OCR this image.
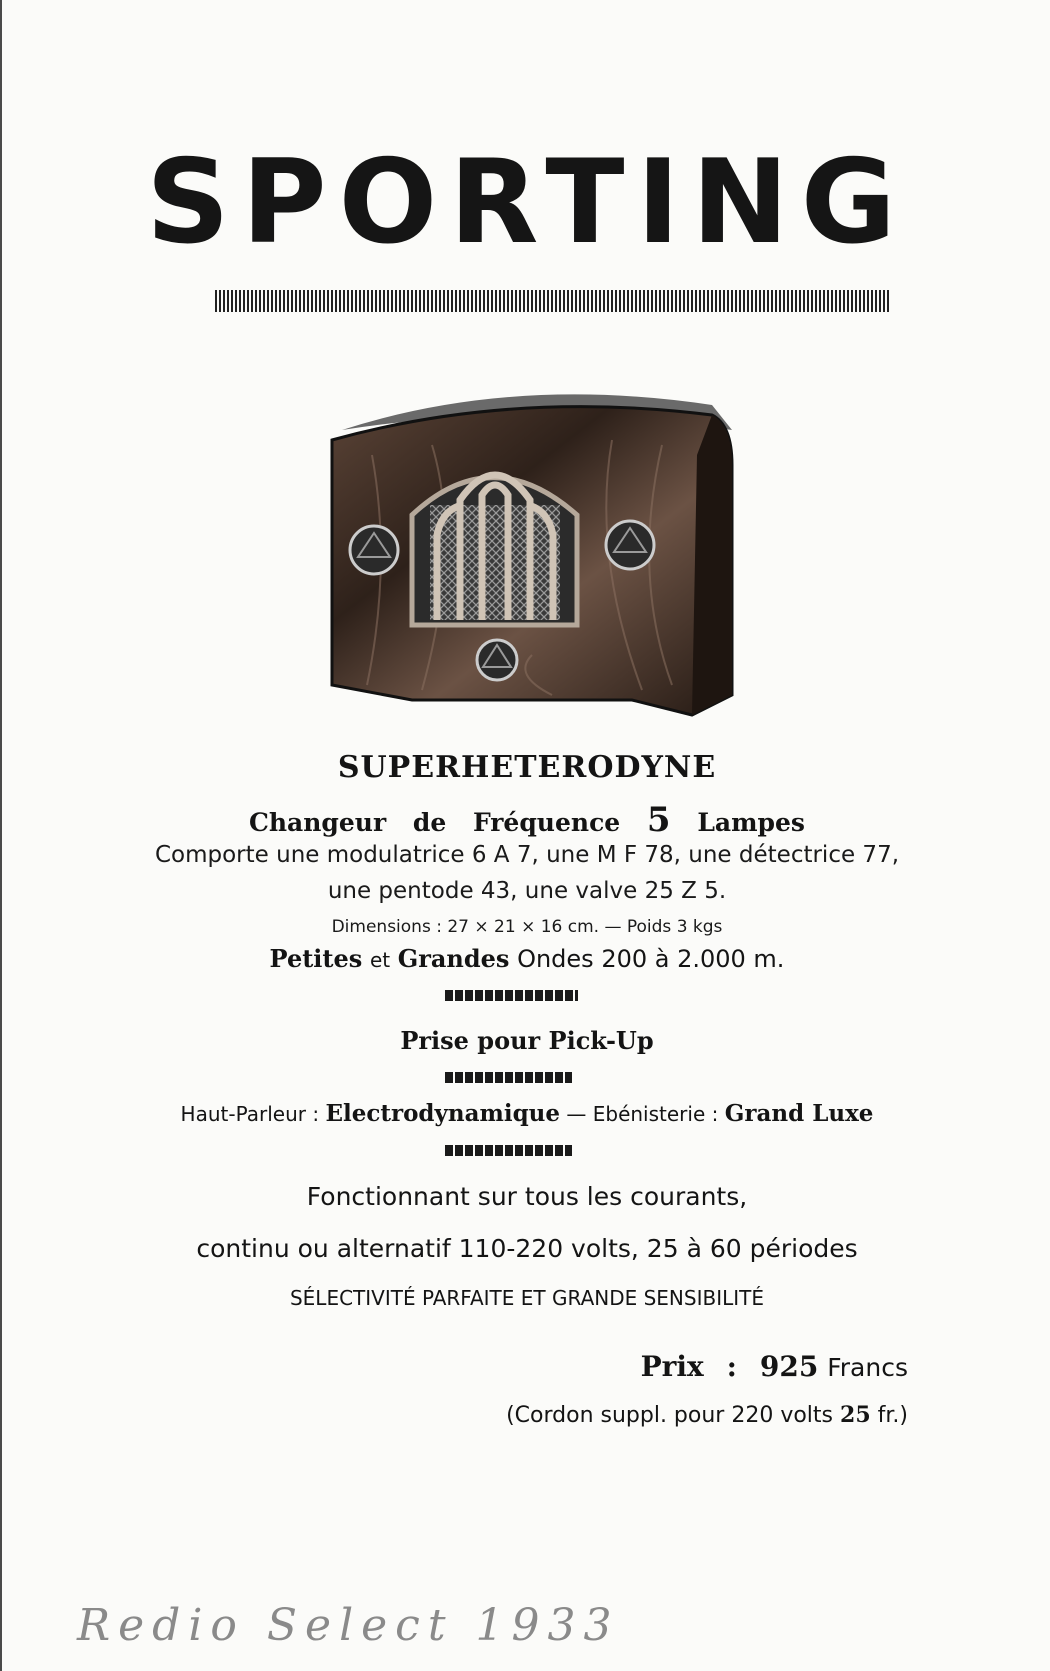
SPORTING
SUPERHETERODYNE
Changeur de Fréquence 5 Lampes
Comporte une modulatrice 6 A 7, une M F 78, une détectrice 77,
une pentode 43, une valve 25 Z 5.
Dimensions : 27 × 21 × 16 cm. — Poids 3 kgs
Petites et Grandes Ondes 200 à 2.000 m.
Prise pour Pick-Up
Haut-Parleur : Electrodynamique — Ebénisterie : Grand Luxe
Fonctionnant sur tous les courants,
continu ou alternatif 110-220 volts, 25 à 60 périodes
SÉLECTIVITÉ PARFAITE ET GRANDE SENSIBILITÉ
Prix : 925 Francs
(Cordon suppl. pour 220 volts 25 fr.)
Redio Select 1933
